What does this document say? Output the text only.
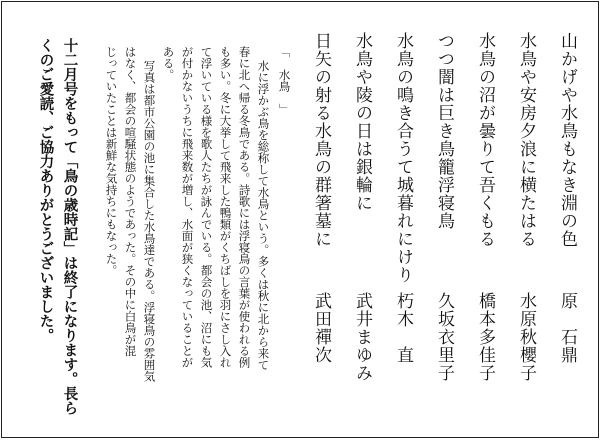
山かげや水鳥もなき淵の色
原　石鼎
水鳥や安房夕浪に横たはる
水原秋櫻子
水鳥の沼が曇りて吾くもる
橋本多佳子
つつ闇は巨き鳥籠浮寝鳥
久坂衣里子
水鳥の鳴き合うて城暮れにけり
朽木　直
水鳥や陵の日は銀輪に
武井まゆみ
日矢の射る水鳥の群箸墓に
武田禪次
「　水鳥　」
水に浮かぶ鳥を総称して水鳥という。多くは秋に北から来て
春に北へ帰る冬鳥である。詩歌には浮寝鳥の言葉が使われる例
も多い。冬に大挙して飛来した鴨類がくちばしを羽にさし入れ
て浮いている様を歌人たちが詠んでいる。都会の池、沼にも気
が付かないうちに飛来数が増し、水面が狭くなっていることが
ある。
写真は都市公園の池に集合した水鳥達である。浮寝鳥の雰囲気
はなく、都会の喧騒状態のようであった。その中に白鳥が混
じっていたことは新鮮な気持ちにもなった。
十二月号をもって「鳥の歳時記」は終了になります。長ら
くのご愛読、ご協力ありがとうございました。
